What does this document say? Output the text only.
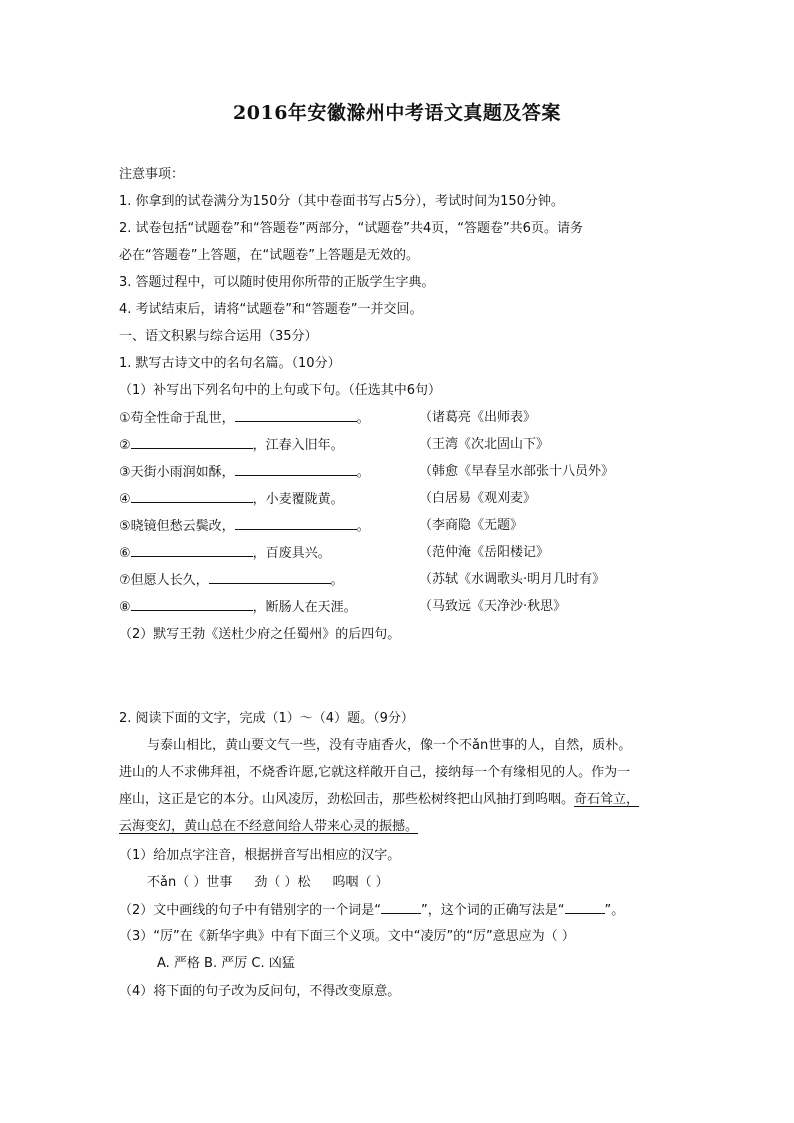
2016年安徽滁州中考语文真题及答案
注意事项：
1. 你拿到的试卷满分为150分（其中卷面书写占5分），考试时间为150分钟。
2. 试卷包括“试题卷”和“答题卷”两部分，“试题卷”共4页，“答题卷”共6页。请务
必在“答题卷”上答题，在“试题卷”上答题是无效的。
3. 答题过程中，可以随时使用你所带的正版学生字典。
4. 考试结束后，请将“试题卷”和“答题卷”一并交回。
一、语文积累与综合运用（35分）
1. 默写古诗文中的名句名篇。（10分）
（1）补写出下列名句中的上句或下句。（任选其中6句）
①苟全性命于乱世，	。	（诸葛亮《出师表》
②	，江春入旧年。	（王湾《次北固山下》
③天街小雨润如酥，	。	（韩愈《早春呈水部张十八员外》
④	，小麦覆陇黄。	（白居易《观刈麦》
⑤晓镜但愁云鬓改，	。	（李商隐《无题》
⑥	，百废具兴。	（范仲淹《岳阳楼记》
⑦但愿人长久，	。	（苏轼《水调歌头·明月几时有》
⑧	，断肠人在天涯。	（马致远《天净沙·秋思》
（2）默写王勃《送杜少府之任蜀州》的后四句。
2. 阅读下面的文字，完成（1）～（4）题。（9分）
与泰山相比，黄山要文气一些，没有寺庙香火，像一个不ǎn世事的人，自然，质朴。
进山的人不求佛拜祖，不烧香许愿,它就这样敞开自己，接纳每一个有缘相见的人。作为一
座山，这正是它的本分。山风凌厉，劲松回击，那些松树终把山风抽打到呜咽。奇石耸立，
云海变幻，黄山总在不经意间给人带来心灵的振撼。
（1）给加点字注音，根据拼音写出相应的汉字。
不ǎn（ ）世事 劲（ ）松 呜咽（ ）
（2）文中画线的句子中有错别字的一个词是“	”，这个词的正确写法是“	”。
（3）“厉”在《新华字典》中有下面三个义项。文中“凌厉”的“厉”意思应为（ ）
A. 严格 B. 严厉 C. 凶猛
（4）将下面的句子改为反问句，不得改变原意。
